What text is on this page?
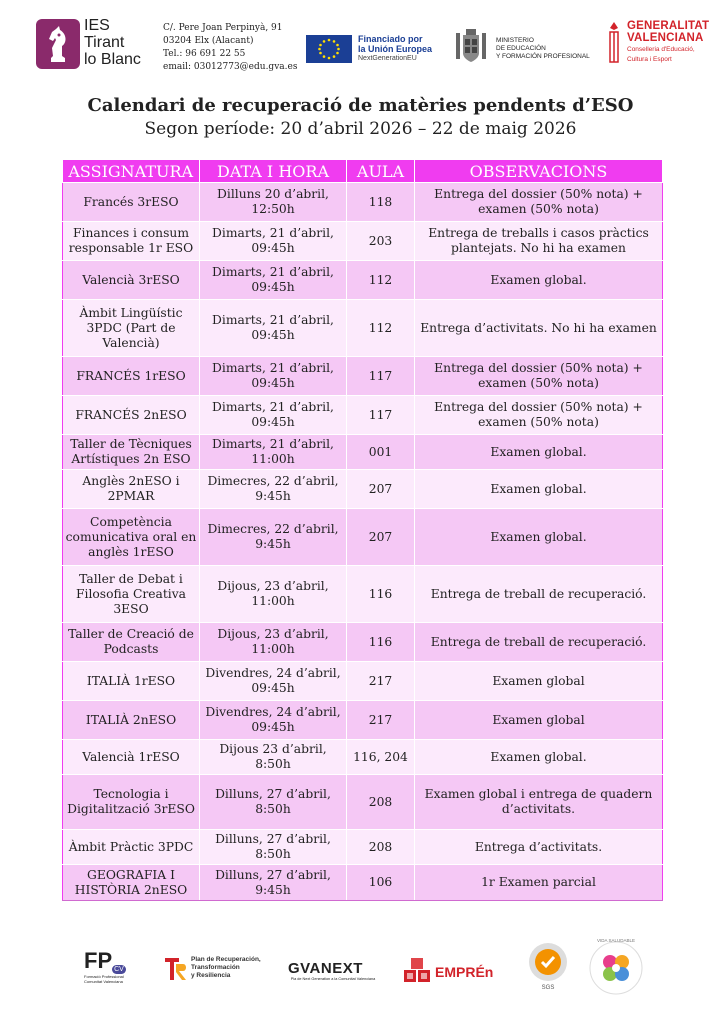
IES
Tirant
lo Blanc
C/. Pere Joan Perpinyà, 91
03204 Elx (Alacant)
Tel.: 96 691 22 55
email: 03012773@edu.gva.es
Financiado por
la Unión Europea
NextGenerationEU
MINISTERIO
DE EDUCACIÓN
Y FORMACIÓN PROFESIONAL
GENERALITAT
VALENCIANA
Conselleria d'Educació,
Cultura i Esport
Calendari de recuperació de matèries pendents d’ESO
Segon període: 20 d’abril 2026 – 22 de maig 2026
ASSIGNATURA	DATA I HORA	AULA	OBSERVACIONS
Francés 3rESO	Dilluns 20 d’abril, 12:50h	118	Entrega del dossier (50% nota) + examen (50% nota)
Finances i consum responsable 1r ESO	Dimarts, 21 d’abril, 09:45h	203	Entrega de treballs i casos pràctics plantejats. No hi ha examen
Valencià 3rESO	Dimarts, 21 d’abril, 09:45h	112	Examen global.
Àmbit Lingüístic 3PDC (Part de Valencià)	Dimarts, 21 d’abril, 09:45h	112	Entrega d’activitats. No hi ha examen
FRANCÉS 1rESO	Dimarts, 21 d’abril, 09:45h	117	Entrega del dossier (50% nota) + examen (50% nota)
FRANCÉS 2nESO	Dimarts, 21 d’abril, 09:45h	117	Entrega del dossier (50% nota) + examen (50% nota)
Taller de Tècniques Artístiques 2n ESO	Dimarts, 21 d’abril, 11:00h	001	Examen global.
Anglès 2nESO i 2PMAR	Dimecres, 22 d’abril, 9:45h	207	Examen global.
Competència comunicativa oral en anglès 1rESO	Dimecres, 22 d’abril, 9:45h	207	Examen global.
Taller de Debat i Filosofia Creativa 3ESO	Dijous, 23 d’abril, 11:00h	116	Entrega de treball de recuperació.
Taller de Creació de Podcasts	Dijous, 23 d’abril, 11:00h	116	Entrega de treball de recuperació.
ITALIÀ 1rESO	Divendres, 24 d’abril, 09:45h	217	Examen global
ITALIÀ 2nESO	Divendres, 24 d’abril, 09:45h	217	Examen global
Valencià 1rESO	Dijous 23 d’abril, 8:50h	116, 204	Examen global.
Tecnologia i Digitalització 3rESO	Dilluns, 27 d’abril, 8:50h	208	Examen global i entrega de quadern d’activitats.
Àmbit Pràctic 3PDC	Dilluns, 27 d’abril, 8:50h	208	Entrega d’activitats.
GEOGRAFIA I HISTÒRIA 2nESO	Dilluns, 27 d’abril, 9:45h	106	1r Examen parcial
FP CV
Formació Professional Comunitat Valenciana
Plan de Recuperación,
Transformación
y Resiliencia	GVANEXT
Pla de Next Generation a la Comunitat Valenciana	EMPRÉn
SGS
VIDA SALUDABLE
